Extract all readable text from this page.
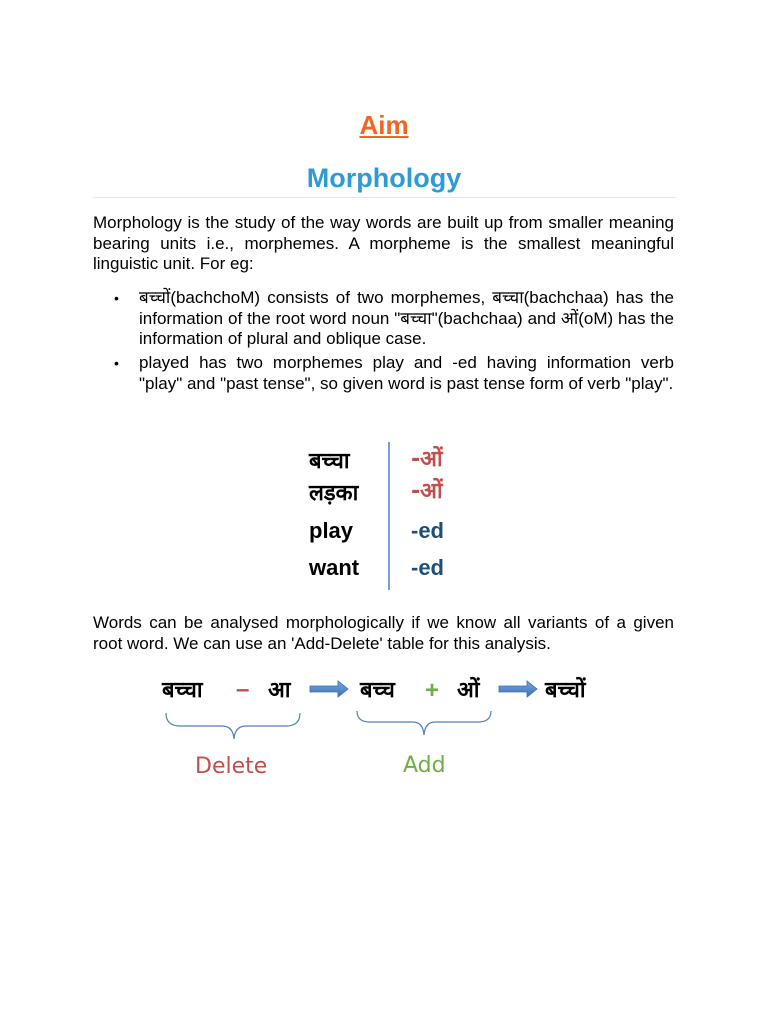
Aim
Morphology
Morphology is the study of the way words are built up from smaller meaning bearing units i.e., morphemes. A morpheme is the smallest meaningful linguistic unit. For eg:
• बच्चों(bachchoM) consists of two morphemes, बच्चा(bachchaa) has the information of the root word noun "बच्चा"(bachchaa) and ओं(oM) has the information of plural and oblique case.
• played has two morphemes play and -ed having information verb "play" and "past tense", so given word is past tense form of verb "play".
बच्चा	-ओं
लड़का -ओं
play	-ed
want -ed
Words can be analysed morphologically if we know all variants of a given root word. We can use an 'Add-Delete' table for this analysis.
बच्चा – आ	बच्च + ओं	बच्चों
Delete	Add
